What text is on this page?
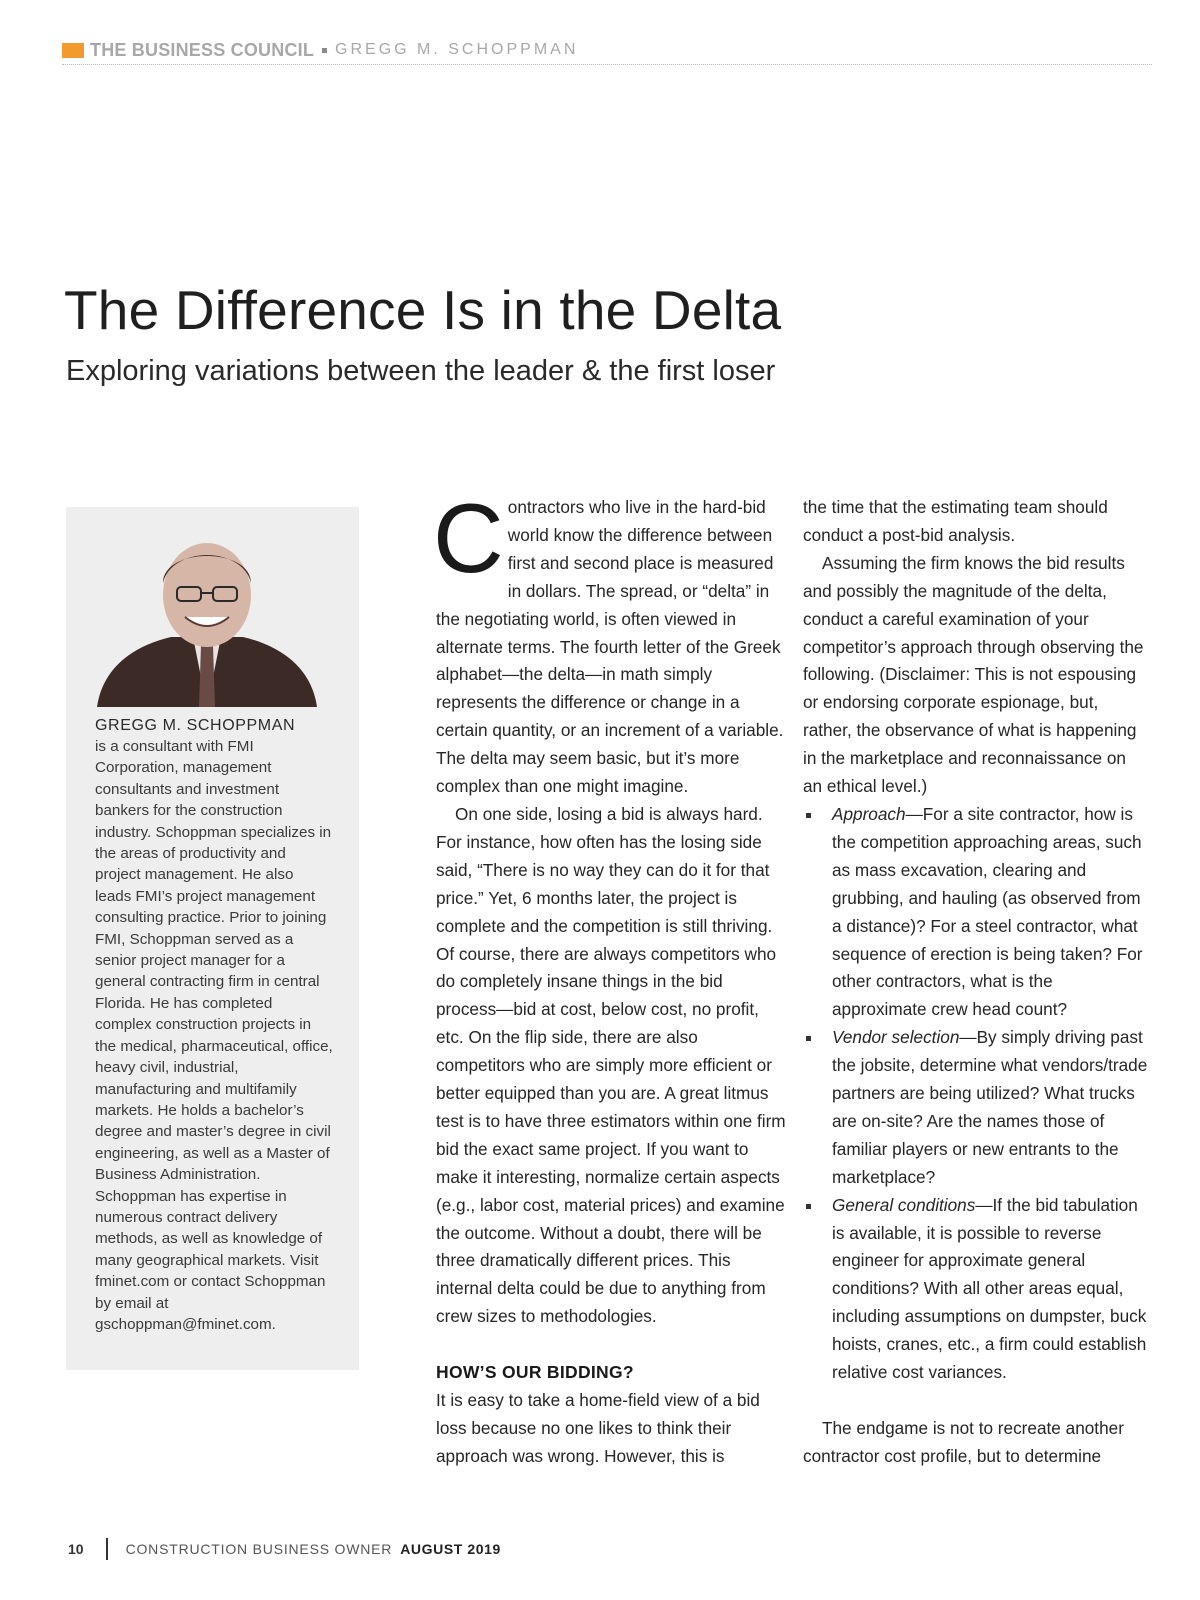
THE BUSINESS COUNCIL GREGG M. SCHOPPMAN
The Difference Is in the Delta
Exploring variations between the leader & the first loser
GREGG M. SCHOPPMAN
is a consultant with FMI Corporation, management consultants and investment bankers for the construction industry. Schoppman specializes in the areas of productivity and project management. He also leads FMI’s project management consulting practice. Prior to joining FMI, Schoppman served as a senior project manager for a general contracting firm in central Florida. He has completed complex construction projects in the medical, pharmaceutical, office, heavy civil, industrial, manufacturing and multifamily markets. He holds a bachelor’s degree and master’s degree in civil engineering, as well as a Master of Business Administration. Schoppman has expertise in numerous contract delivery methods, as well as knowledge of many geographical markets. Visit fminet.com or contact Schoppman by email at gschoppman@fminet.com.

Contractors who live in the hard-bid world know the difference between first and second place is measured in dollars. The spread, or “delta” in the negotiating world, is often viewed in alternate terms. The fourth letter of the Greek alphabet—the delta—in math simply represents the difference or change in a certain quantity, or an increment of a variable. The delta may seem basic, but it’s more complex than one might imagine.

On one side, losing a bid is always hard. For instance, how often has the losing side said, “There is no way they can do it for that price.” Yet, 6 months later, the project is complete and the competition is still thriving. Of course, there are always competitors who do completely insane things in the bid process—bid at cost, below cost, no profit, etc. On the flip side, there are also competitors who are simply more efficient or better equipped than you are. A great litmus test is to have three estimators within one firm bid the exact same project. If you want to make it interesting, normalize certain aspects (e.g., labor cost, material prices) and examine the outcome. Without a doubt, there will be three dramatically different prices. This internal delta could be due to anything from crew sizes to methodologies.

HOW’S OUR BIDDING?

It is easy to take a home-field view of a bid loss because no one likes to think their approach was wrong. However, this is

the time that the estimating team should conduct a post-bid analysis.

Assuming the firm knows the bid results and possibly the magnitude of the delta, conduct a careful examination of your competitor’s approach through observing the following. (Disclaimer: This is not espousing or endorsing corporate espionage, but, rather, the observance of what is happening in the marketplace and reconnaissance on an ethical level.)

Approach—For a site contractor, how is the competition approaching areas, such as mass excavation, clearing and grubbing, and hauling (as observed from a distance)? For a steel contractor, what sequence of erection is being taken? For other contractors, what is the approximate crew head count?
Vendor selection—By simply driving past the jobsite, determine what vendors/trade partners are being utilized? What trucks are on-site? Are the names those of familiar players or new entrants to the marketplace?
General conditions—If the bid tabulation is available, it is possible to reverse engineer for approximate general conditions? With all other areas equal, including assumptions on dumpster, buck hoists, cranes, etc., a firm could establish relative cost variances.

The endgame is not to recreate another contractor cost profile, but to determine

10	CONSTRUCTION BUSINESS OWNER AUGUST 2019
